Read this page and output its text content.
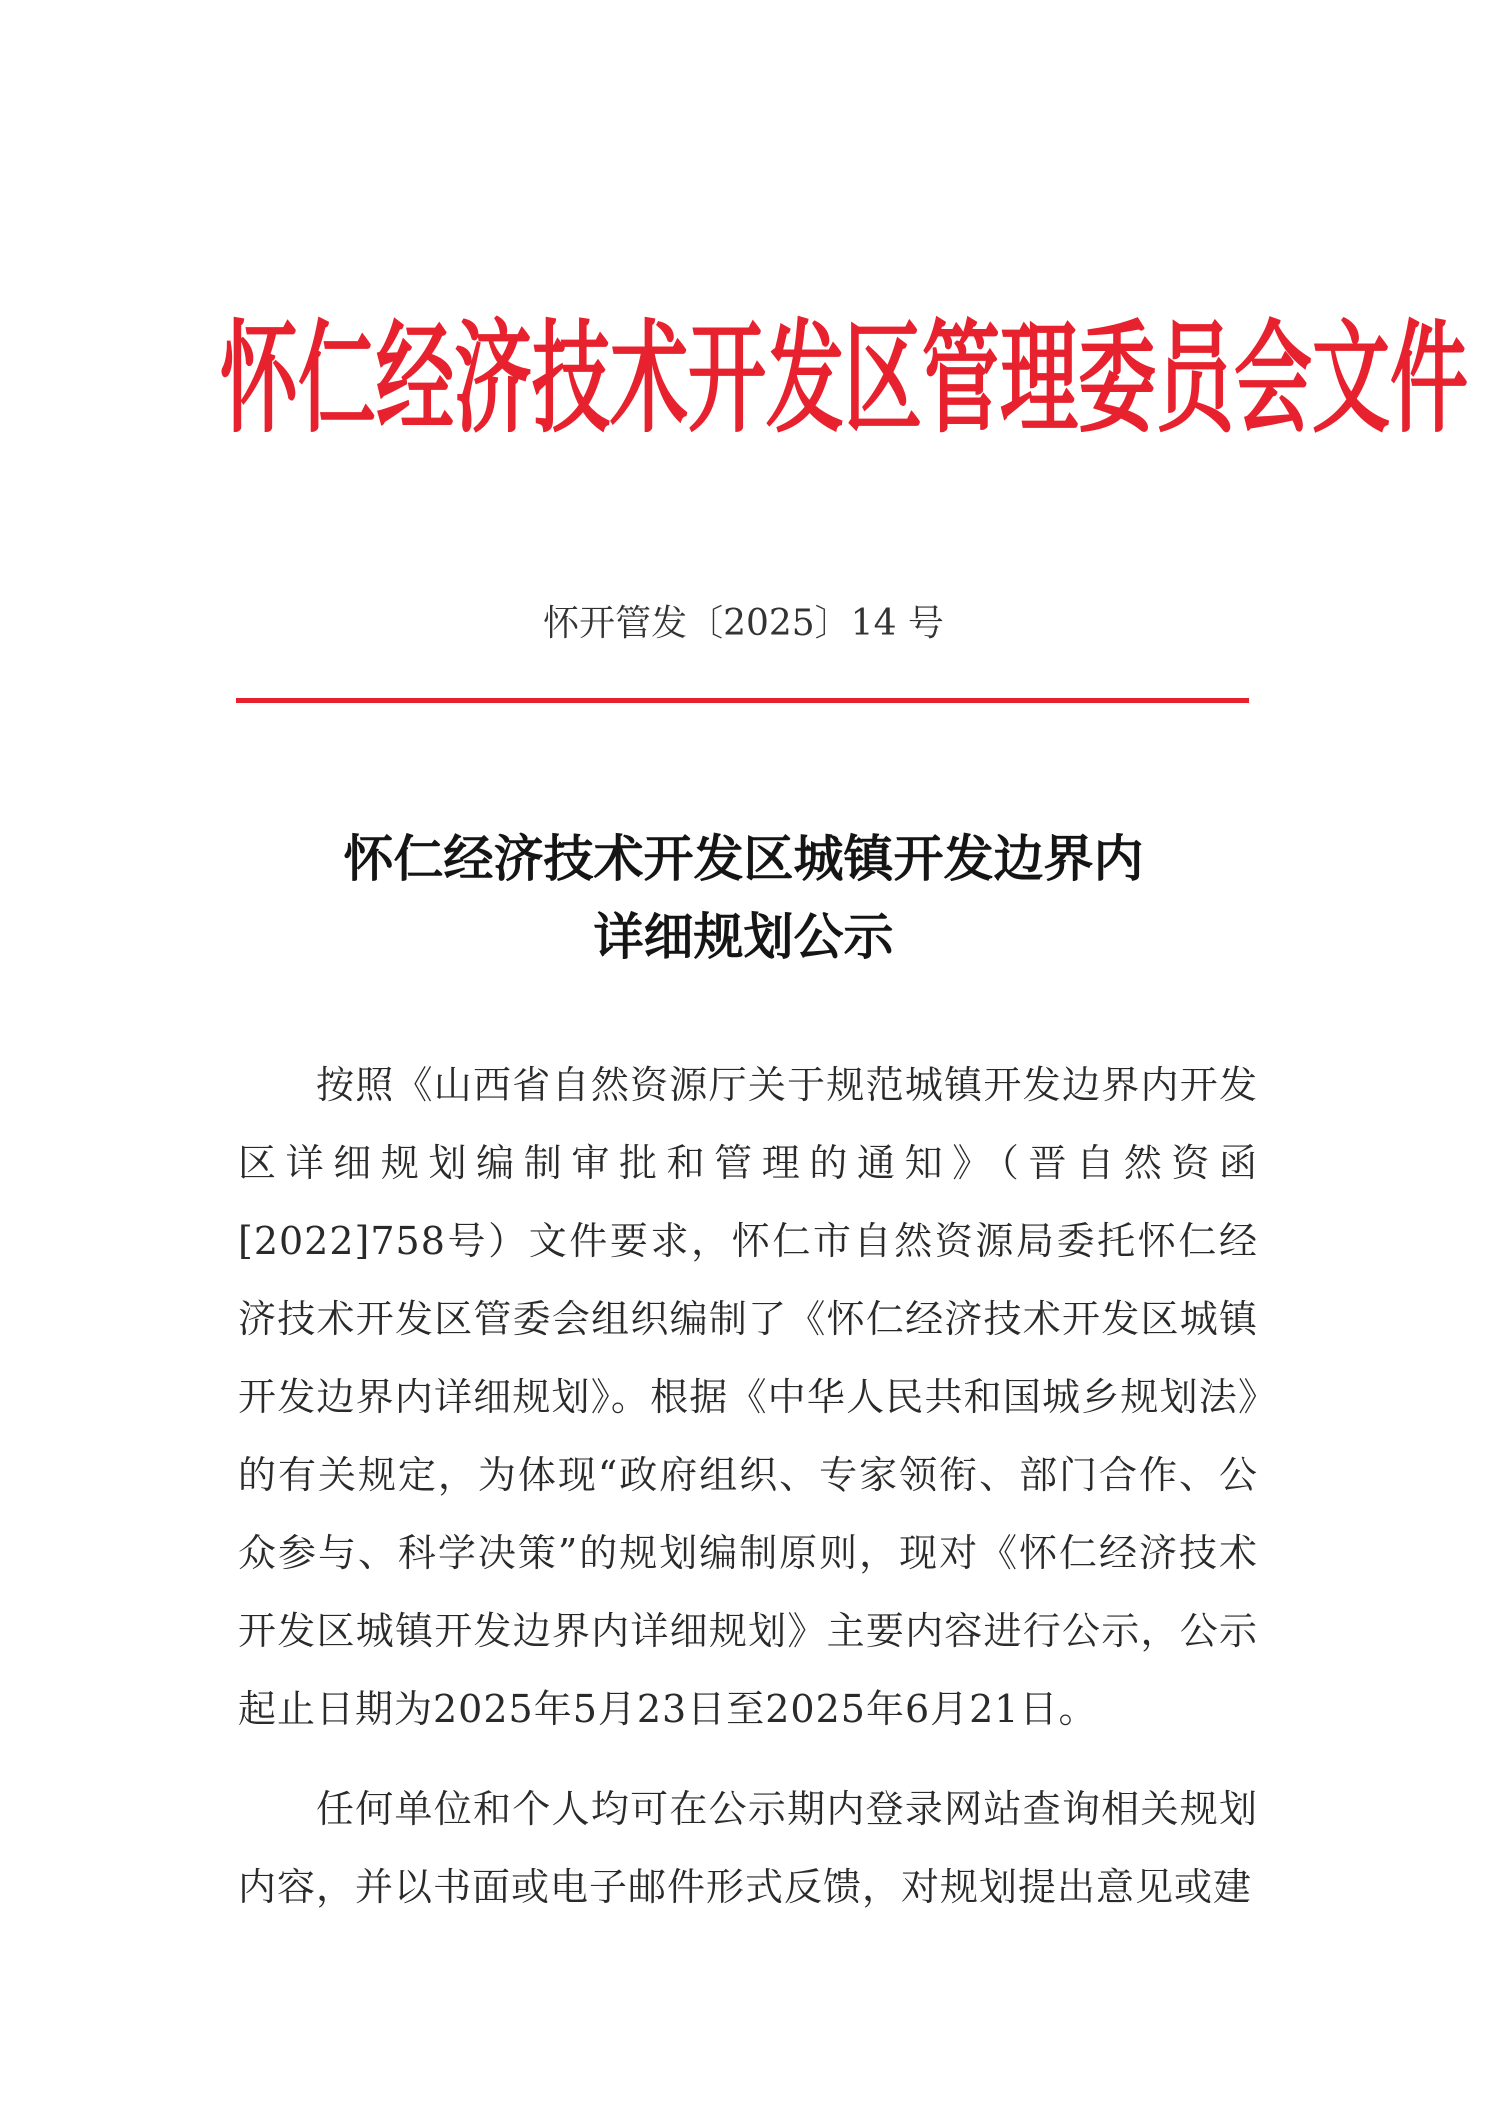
怀仁经济技术开发区管理委员会文件
怀开管发〔2025〕14 号
怀仁经济技术开发区城镇开发边界内
详细规划公示

按照《山西省自然资源厅关于规范城镇开发边界内开发区详细规划编制审批和管理的通知》（晋自然资函[2022]758号）文件要求，怀仁市自然资源局委托怀仁经济技术开发区管委会组织编制了《怀仁经济技术开发区城镇开发边界内详细规划》。根据《中华人民共和国城乡规划法》的有关规定，为体现“政府组织、专家领衔、部门合作、公众参与、科学决策”的规划编制原则，现对《怀仁经济技术开发区城镇开发边界内详细规划》主要内容进行公示，公示起止日期为2025年5月23日至2025年6月21日。

任何单位和个人均可在公示期内登录网站查询相关规划内容，并以书面或电子邮件形式反馈，对规划提出意见或建
